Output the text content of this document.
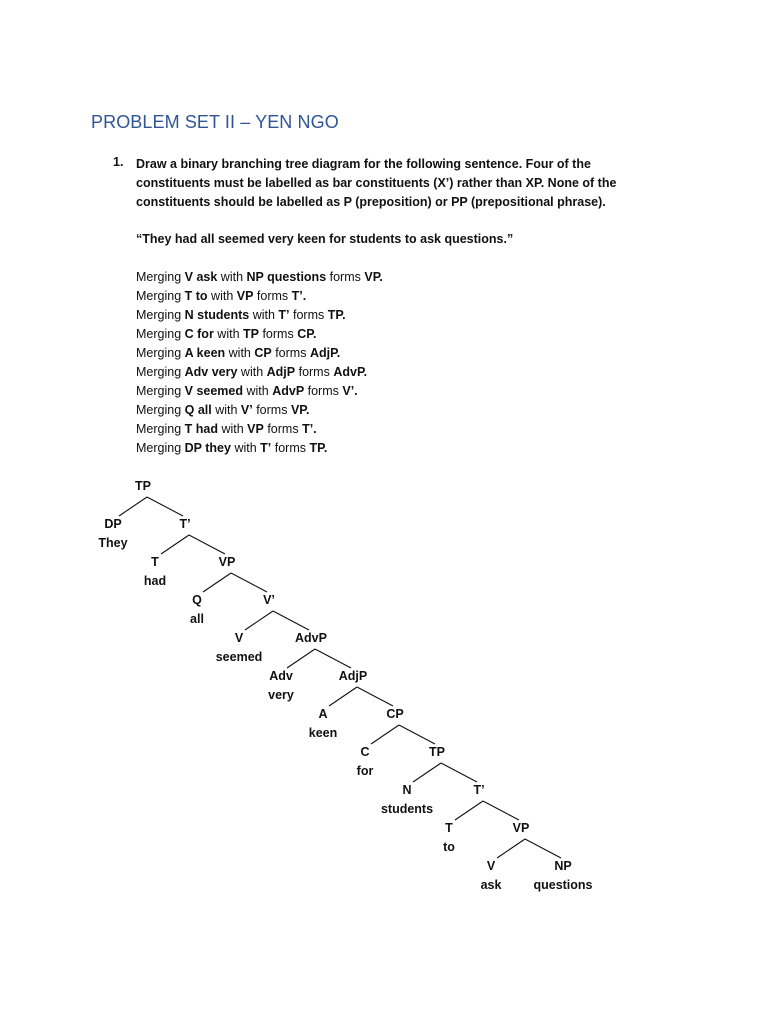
PROBLEM SET II – YEN NGO
1. Draw a binary branching tree diagram for the following sentence. Four of the constituents must be labelled as bar constituents (X’) rather than XP. None of the constituents should be labelled as P (preposition) or PP (prepositional phrase).
“They had all seemed very keen for students to ask questions.”
Merging V ask with NP questions forms VP.
Merging T to with VP forms T’.
Merging N students with T’ forms TP.
Merging C for with TP forms CP.
Merging A keen with CP forms AdjP.
Merging Adv very with AdjP forms AdvP.
Merging V seemed with AdvP forms V’.
Merging Q all with V’ forms VP.
Merging T had with VP forms T’.
Merging DP they with T’ forms TP.
TP
DP
They
T’
T
had
VP
Q
all
V’
V
seemed
AdvP
Adv
very
AdjP
A
keen
CP
C
for
TP
N
students
T’
T
to
VP
V
ask
NP
questions
